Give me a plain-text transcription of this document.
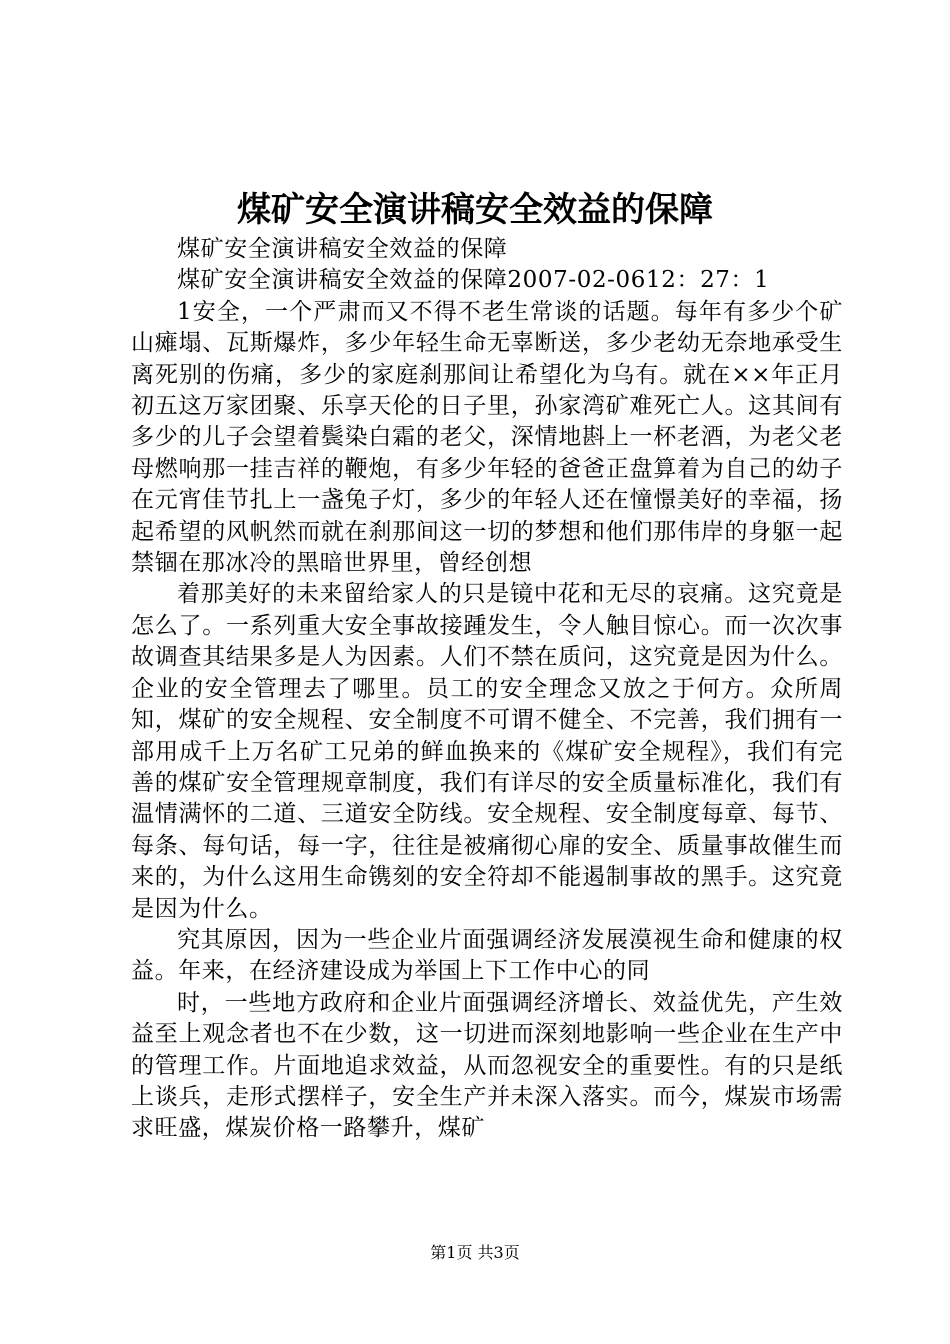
煤矿安全演讲稿安全效益的保障

煤矿安全演讲稿安全效益的保障

煤矿安全演讲稿安全效益的保障2007-02-0612：27：1

1安全，一个严肃而又不得不老生常谈的话题。每年有多少个矿山瘫塌、瓦斯爆炸，多少年轻生命无辜断送，多少老幼无奈地承受生离死别的伤痛，多少的家庭刹那间让希望化为乌有。就在××年正月初五这万家团聚、乐享天伦的日子里，孙家湾矿难死亡人。这其间有多少的儿子会望着鬓染白霜的老父，深情地斟上一杯老酒，为老父老母燃响那一挂吉祥的鞭炮，有多少年轻的爸爸正盘算着为自己的幼子在元宵佳节扎上一盏兔子灯，多少的年轻人还在憧憬美好的幸福，扬起希望的风帆然而就在刹那间这一切的梦想和他们那伟岸的身躯一起禁锢在那冰冷的黑暗世界里，曾经创想

着那美好的未来留给家人的只是镜中花和无尽的哀痛。这究竟是怎么了。一系列重大安全事故接踵发生，令人触目惊心。而一次次事故调查其结果多是人为因素。人们不禁在质问，这究竟是因为什么。企业的安全管理去了哪里。员工的安全理念又放之于何方。众所周知，煤矿的安全规程、安全制度不可谓不健全、不完善，我们拥有一部用成千上万名矿工兄弟的鲜血换来的《煤矿安全规程》，我们有完善的煤矿安全管理规章制度，我们有详尽的安全质量标准化，我们有温情满怀的二道、三道安全防线。安全规程、安全制度每章、每节、每条、每句话，每一字，往往是被痛彻心扉的安全、质量事故催生而来的，为什么这用生命镌刻的安全符却不能遏制事故的黑手。这究竟是因为什么。

究其原因，因为一些企业片面强调经济发展漠视生命和健康的权益。年来，在经济建设成为举国上下工作中心的同

时，一些地方政府和企业片面强调经济增长、效益优先，产生效益至上观念者也不在少数，这一切进而深刻地影响一些企业在生产中的管理工作。片面地追求效益，从而忽视安全的重要性。有的只是纸上谈兵，走形式摆样子，安全生产并未深入落实。而今，煤炭市场需求旺盛，煤炭价格一路攀升，煤矿

第1页 共3页
